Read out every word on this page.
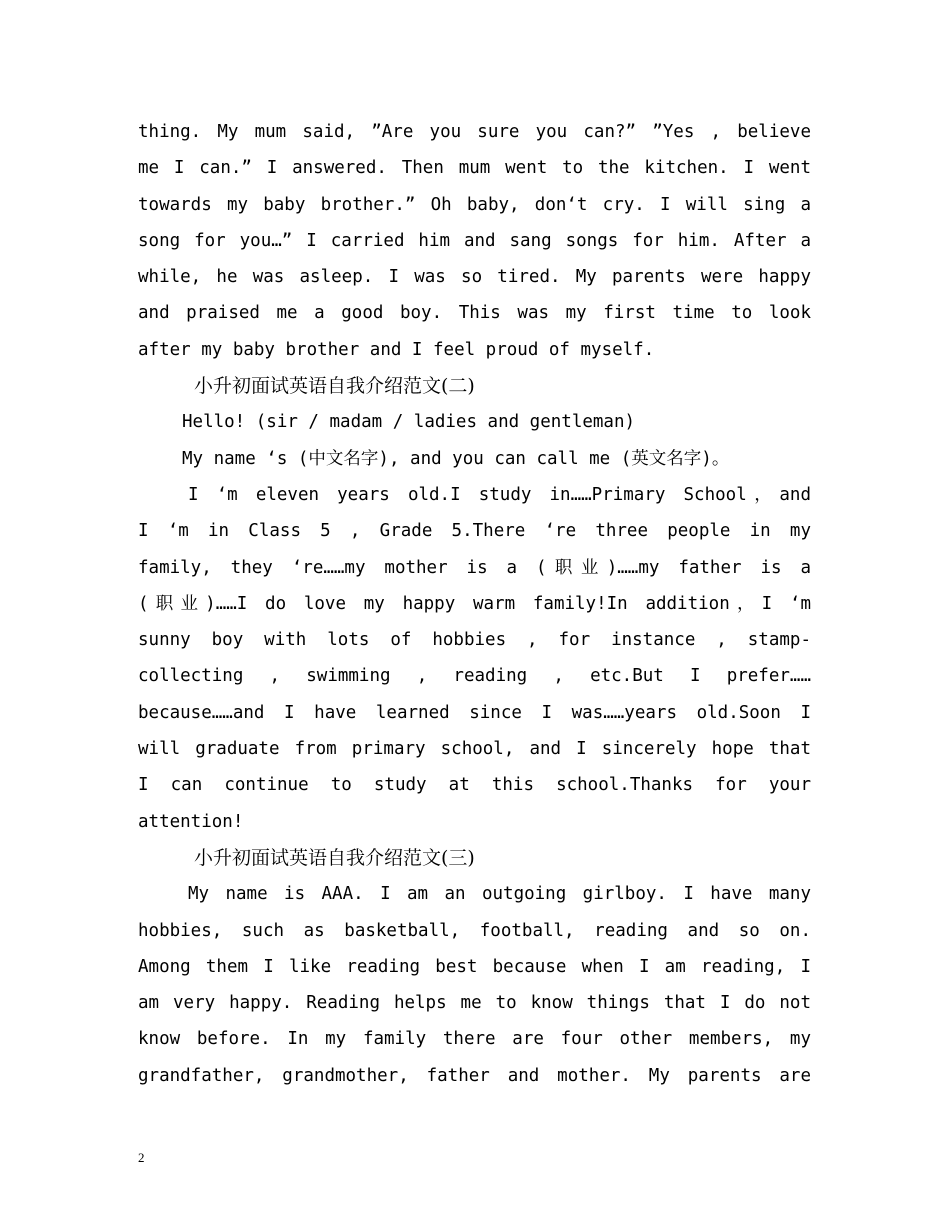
thing. My mum said, ”Are you sure you can?” ”Yes , believe

me I can.” I answered. Then mum went to the kitchen. I went

towards my baby brother.” Oh baby, don‘t cry. I will sing a

song for you…” I carried him and sang songs for him. After a

while, he was asleep. I was so tired. My parents were happy

and praised me a good boy. This was my first time to look

after my baby brother and I feel proud of myself.

小升初面试英语自我介绍范文(二)

Hello! (sir / madam / ladies and gentleman)

My name ‘s (中文名字), and you can call me (英文名字)。

I ‘m eleven years old.I study in……Primary School，and

I ‘m in Class 5 , Grade 5.There ‘re three people in my

family, they ‘re……my mother is a (职业)……my father is a

(职业)……I do love my happy warm family!In addition，I ‘m

sunny boy with lots of hobbies , for instance , stamp-

collecting , swimming , reading , etc.But I prefer……

because……and I have learned since I was……years old.Soon I

will graduate from primary school, and I sincerely hope that

I can continue to study at this school.Thanks for your

attention!

小升初面试英语自我介绍范文(三)

My name is AAA. I am an outgoing girlboy. I have many

hobbies, such as basketball, football, reading and so on.

Among them I like reading best because when I am reading, I

am very happy. Reading helps me to know things that I do not

know before. In my family there are four other members, my

grandfather, grandmother, father and mother. My parents are

2
